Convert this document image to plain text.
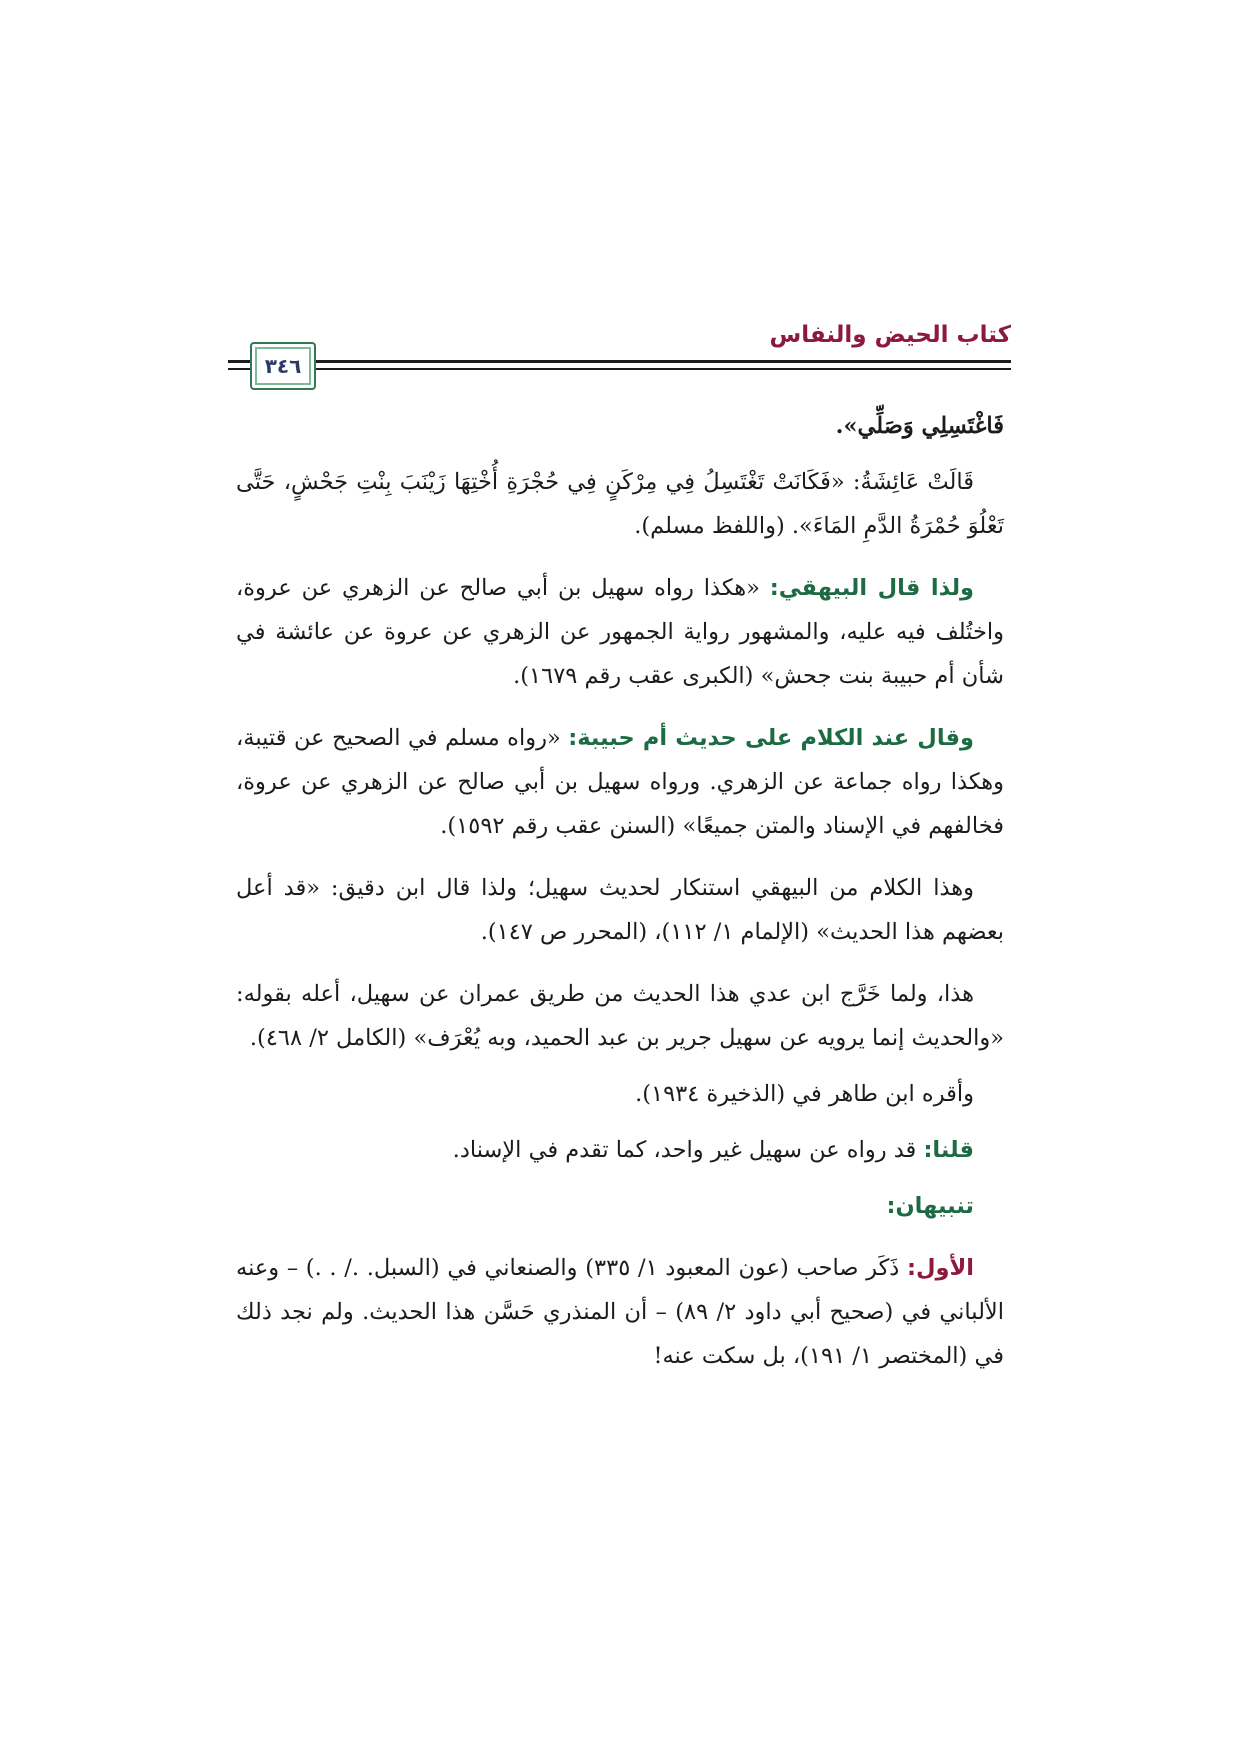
٣٤٦
كتاب الحيض والنفاس

فَاغْتَسِلِي وَصَلِّي».

قَالَتْ عَائِشَةُ: «فَكَانَتْ تَغْتَسِلُ فِي مِرْكَنٍ فِي حُجْرَةِ أُخْتِهَا زَيْنَبَ بِنْتِ جَحْشٍ، حَتَّى تَعْلُوَ حُمْرَةُ الدَّمِ المَاءَ». (واللفظ مسلم).

ولذا قال البيهقي: «هكذا رواه سهيل بن أبي صالح عن الزهري عن عروة، واختُلف فيه عليه، والمشهور رواية الجمهور عن الزهري عن عروة عن عائشة في شأن أم حبيبة بنت جحش» (الكبرى عقب رقم ١٦٧٩).

وقال عند الكلام على حديث أم حبيبة: «رواه مسلم في الصحيح عن قتيبة، وهكذا رواه جماعة عن الزهري. ورواه سهيل بن أبي صالح عن الزهري عن عروة، فخالفهم في الإسناد والمتن جميعًا» (السنن عقب رقم ١٥٩٢).

وهذا الكلام من البيهقي استنكار لحديث سهيل؛ ولذا قال ابن دقيق: «قد أعل بعضهم هذا الحديث» (الإلمام ١/ ١١٢)، (المحرر ص ١٤٧).

هذا، ولما خَرَّج ابن عدي هذا الحديث من طريق عمران عن سهيل، أعله بقوله: «والحديث إنما يرويه عن سهيل جرير بن عبد الحميد، وبه يُعْرَف» (الكامل ٢/ ٤٦٨).

وأقره ابن طاهر في (الذخيرة ١٩٣٤).

قلنا: قد رواه عن سهيل غير واحد، كما تقدم في الإسناد.

تنبيهان:

الأول: ذَكَر صاحب (عون المعبود ١/ ٣٣٥) والصنعاني في (السبل. ./ . .) – وعنه الألباني في (صحيح أبي داود ٢/ ٨٩) – أن المنذري حَسَّن هذا الحديث. ولم نجد ذلك في (المختصر ١/ ١٩١)، بل سكت عنه!
